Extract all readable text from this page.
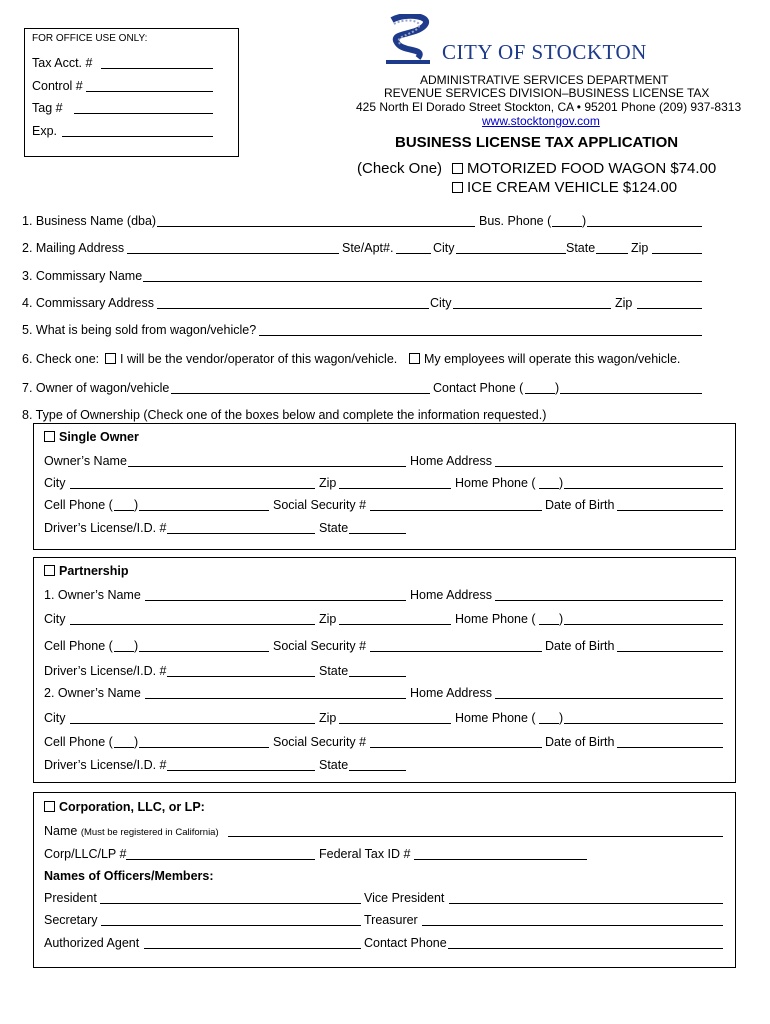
FOR OFFICE USE ONLY:
Tax Acct. #
Control #
Tag #
Exp.
CITY OF STOCKTON
ADMINISTRATIVE SERVICES DEPARTMENT
REVENUE SERVICES DIVISION–BUSINESS LICENSE TAX
425 North El Dorado Street Stockton, CA • 95201 Phone (209) 937-8313
www.stocktongov.com
BUSINESS LICENSE TAX APPLICATION
(Check One)	MOTORIZED FOOD WAGON $74.00
ICE CREAM VEHICLE $124.00
1. Business Name (dba)	Bus. Phone ( )
2. Mailing Address	Ste/Apt#.	City	State	Zip
3. Commissary Name
4. Commissary Address	City	Zip
5. What is being sold from wagon/vehicle?
6. Check one:	I will be the vendor/operator of this wagon/vehicle.	My employees will operate this wagon/vehicle.
7. Owner of wagon/vehicle	Contact Phone (	)
8. Type of Ownership (Check one of the boxes below and complete the information requested.)
Single Owner
Owner’s Name	Home Address
City	Zip	Home Phone ( )
Cell Phone ( )	Social Security #	Date of Birth
Driver’s License/I.D. #	State
Partnership
1. Owner’s Name	Home Address
City	Zip	Home Phone ( )
Cell Phone ( )	Social Security #	Date of Birth
Driver’s License/I.D. #	State
2. Owner’s Name	Home Address
City	Zip	Home Phone ( )
Cell Phone ( )	Social Security #	Date of Birth
Driver’s License/I.D. #	State
Corporation, LLC, or LP:
Name (Must be registered in California)
Corp/LLC/LP #	Federal Tax ID #
Names of Officers/Members:
President	Vice President
Secretary	Treasurer
Authorized Agent	Contact Phone
